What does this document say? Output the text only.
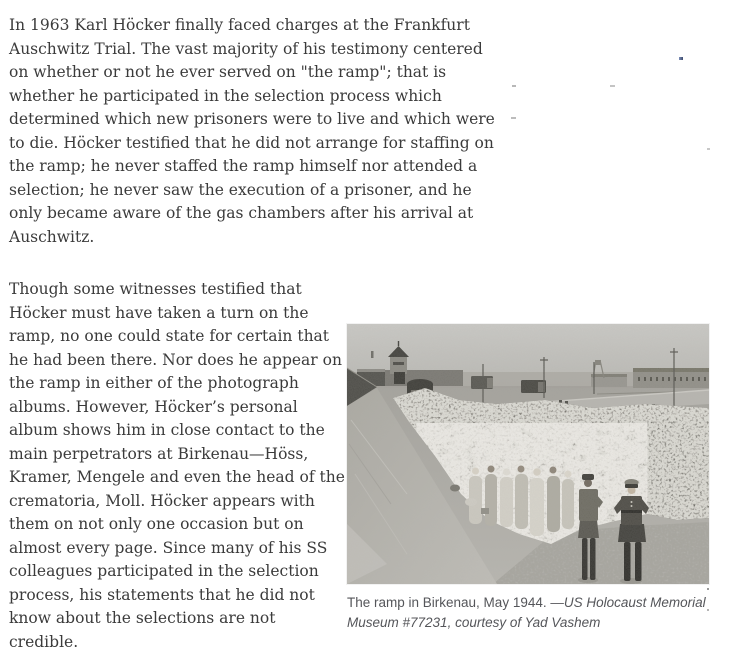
In 1963 Karl Höcker finally faced charges at the Frankfurt Auschwitz Trial. The vast majority of his testimony centered on whether or not he ever served on "the ramp"; that is whether he participated in the selection process which determined which new prisoners were to live and which were to die. Höcker testified that he did not arrange for staffing on the ramp; he never staffed the ramp himself nor attended a selection; he never saw the execution of a prisoner, and he only became aware of the gas chambers after his arrival at Auschwitz.

Though some witnesses testified that Höcker must have taken a turn on the ramp, no one could state for certain that he had been there. Nor does he appear on the ramp in either of the photograph albums. However, Höcker’s personal album shows him in close contact to the main perpetrators at Birkenau—Höss, Kramer, Mengele and even the head of the crematoria, Moll. Höcker appears with them on not only one occasion but on almost every page. Since many of his SS colleagues participated in the selection process, his statements that he did not know about the selections are not credible.

The ramp in Birkenau, May 1944. —US Holocaust Memorial Museum #77231, courtesy of Yad Vashem
